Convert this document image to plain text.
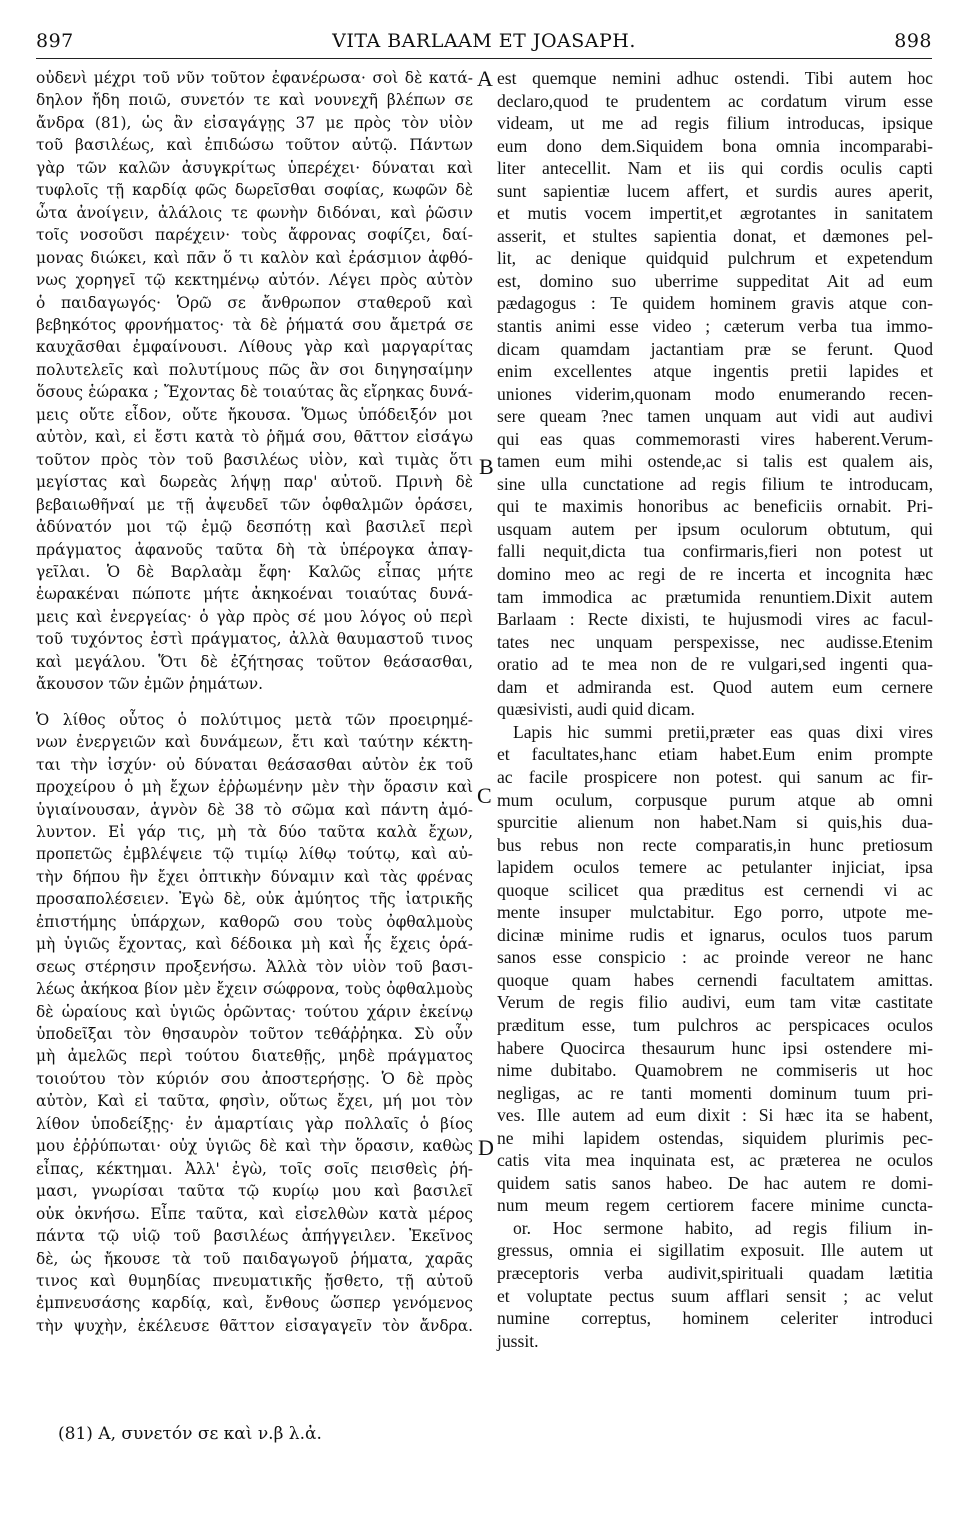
897	VITA BARLAAM ET JOASAPH.	898
οὐδενὶ μέχρι τοῦ νῦν τοῦτον ἐφανέρωσα· σοὶ δὲ κατά-
δηλον ἤδη ποιῶ, συνετόν τε καὶ νουνεχῆ βλέπων σε
ἄνδρα (81), ὡς ἂν εἰσαγάγῃς 37 με πρὸς τὸν υἱὸν
τοῦ βασιλέως, καὶ ἐπιδώσω τοῦτον αὐτῷ. Πάντων
γὰρ τῶν καλῶν ἀσυγκρίτως ὑπερέχει· δύναται καὶ
τυφλοῖς τῇ καρδίᾳ φῶς δωρεῖσθαι σοφίας, κωφῶν δὲ
ὦτα ἀνοίγειν, ἀλάλοις τε φωνὴν διδόναι, καὶ ῥῶσιν
τοῖς νοσοῦσι παρέχειν· τοὺς ἄφρονας σοφίζει, δαί-
μονας διώκει, καὶ πᾶν ὅ τι καλὸν καὶ ἐράσμιον ἀφθό-
νως χορηγεῖ τῷ κεκτημένῳ αὐτόν. Λέγει πρὸς αὐτὸν
ὁ παιδαγωγός· Ὁρῶ σε ἄνθρωπον σταθεροῦ καὶ
βεβηκότος φρονήματος· τὰ δὲ ῥήματά σου ἄμετρά σε
καυχᾶσθαι ἐμφαίνουσι. Λίθους γὰρ καὶ μαργαρίτας
πολυτελεῖς καὶ πολυτίμους πῶς ἂν σοι διηγησαίμην
ὅσους ἑώρακα ; Ἔχοντας δὲ τοιαύτας ἃς εἴρηκας δυνά-
μεις οὔτε εἶδον, οὔτε ἤκουσα. Ὅμως ὑπόδειξόν μοι
αὐτὸν, καὶ, εἰ ἔστι κατὰ τὸ ῥῆμά σου, θᾶττον εἰσάγω
τοῦτον πρὸς τὸν τοῦ βασιλέως υἱὸν, καὶ τιμὰς ὅτι
μεγίστας καὶ δωρεὰς λήψῃ παρ' αὐτοῦ. Πρινὴ δὲ
βεβαιωθῆναί με τῇ ἀψευδεῖ τῶν ὀφθαλμῶν ὁράσει,
ἀδύνατόν μοι τῷ ἐμῷ δεσπότῃ καὶ βασιλεῖ περὶ
πράγματος ἀφανοῦς ταῦτα δὴ τὰ ὑπέρογκα ἀπαγ-
γεῖλαι. Ὁ δὲ Βαρλαὰμ ἔφη· Καλῶς εἶπας μήτε
ἑωρακέναι πώποτε μήτε ἀκηκοέναι τοιαύτας δυνά-
μεις καὶ ἐνεργείας· ὁ γὰρ πρὸς σέ μου λόγος οὐ περὶ
τοῦ τυχόντος ἐστὶ πράγματος, ἀλλὰ θαυμαστοῦ τινος
καὶ μεγάλου. Ὅτι δὲ ἐζήτησας τοῦτον θεάσασθαι,
ἄκουσον τῶν ἐμῶν ῥημάτων.
Ὁ λίθος οὗτος ὁ πολύτιμος μετὰ τῶν προειρημέ-
νων ἐνεργειῶν καὶ δυνάμεων, ἔτι καὶ ταύτην κέκτη-
ται τὴν ἰσχύν· οὐ δύναται θεάσασθαι αὐτὸν ἐκ τοῦ
προχείρου ὁ μὴ ἔχων ἐῤῥωμένην μὲν τὴν ὅρασιν καὶ
ὑγιαίνουσαν, ἁγνὸν δὲ 38 τὸ σῶμα καὶ πάντη ἀμό-
λυντον. Εἰ γάρ τις, μὴ τὰ δύο ταῦτα καλὰ ἔχων,
προπετῶς ἐμβλέψειε τῷ τιμίῳ λίθῳ τούτῳ, καὶ αὐ-
τὴν δήπου ἣν ἔχει ὀπτικὴν δύναμιν καὶ τὰς φρένας
προσαπολέσειεν. Ἐγὼ δὲ, οὐκ ἀμύητος τῆς ἰατρικῆς
ἐπιστήμης ὑπάρχων, καθορῶ σου τοὺς ὀφθαλμοὺς
μὴ ὑγιῶς ἔχοντας, καὶ δέδοικα μὴ καὶ ἧς ἔχεις ὁρά-
σεως στέρησιν προξενήσω. Ἀλλὰ τὸν υἱὸν τοῦ βασι-
λέως ἀκήκοα βίον μὲν ἔχειν σώφρονα, τοὺς ὀφθαλμοὺς
δὲ ὡραίους καὶ ὑγιῶς ὁρῶντας· τούτου χάριν ἐκείνῳ
ὑποδεῖξαι τὸν θησαυρὸν τοῦτον τεθάῤῥηκα. Σὺ οὖν
μὴ ἀμελῶς περὶ τούτου διατεθῇς, μηδὲ πράγματος
τοιούτου τὸν κύριόν σου ἀποστερήσῃς. Ὁ δὲ πρὸς
αὐτὸν, Καὶ εἰ ταῦτα, φησὶν, οὕτως ἔχει, μή μοι τὸν
λίθον ὑποδείξῃς· ἐν ἁμαρτίαις γὰρ πολλαῖς ὁ βίος
μου ἐῤῥύπωται· οὐχ ὑγιῶς δὲ καὶ τὴν ὅρασιν, καθὼς
εἶπας, κέκτημαι. Ἀλλ' ἐγὼ, τοῖς σοῖς πεισθεὶς ῥή-
μασι, γνωρίσαι ταῦτα τῷ κυρίῳ μου καὶ βασιλεῖ
οὐκ ὀκνήσω. Εἶπε ταῦτα, καὶ εἰσελθὼν κατὰ μέρος
πάντα τῷ υἱῷ τοῦ βασιλέως ἀπήγγειλεν. Ἐκεῖνος
δὲ, ὡς ἤκουσε τὰ τοῦ παιδαγωγοῦ ῥήματα, χαρᾶς
τινος καὶ θυμηδίας πνευματικῆς ᾔσθετο, τῇ αὐτοῦ
ἐμπνευσάσης καρδίᾳ, καὶ, ἔνθους ὥσπερ γενόμενος
τὴν ψυχὴν, ἐκέλευσε θᾶττον εἰσαγαγεῖν τὸν ἄνδρα.
est quemque nemini adhuc ostendi. Tibi autem hoc
declaro,quod te prudentem ac cordatum virum esse
videam, ut me ad regis filium introducas, ipsique
eum dono dem.Siquidem bona omnia incomparabi-
liter antecellit. Nam et iis qui cordis oculis capti
sunt sapientiæ lucem affert, et surdis aures aperit,
et mutis vocem impertit,et ægrotantes in sanitatem
asserit, et stultes sapientia donat, et dæmones pel-
lit, ac denique quidquid pulchrum et expetendum
est, domino suo uberrime suppeditat Ait ad eum
pædagogus : Te quidem hominem gravis atque con-
stantis animi esse video ; cæterum verba tua immo-
dicam quamdam jactantiam præ se ferunt. Quod
enim excellentes atque ingentis pretii lapides et
uniones viderim,quonam modo enumerando recen-
sere queam ?nec tamen unquam aut vidi aut audivi
qui eas quas commemorasti vires haberent.Verum-
tamen eum mihi ostende,ac si talis est qualem ais,
sine ulla cunctatione ad regis filium te introducam,
qui te maximis honoribus ac beneficiis ornabit. Pri-
usquam autem per ipsum oculorum obtutum, qui
falli nequit,dicta tua confirmaris,fieri non potest ut
domino meo ac regi de re incerta et incognita hæc
tam immodica ac prætumida renuntiem.Dixit autem
Barlaam : Recte dixisti, te hujusmodi vires ac facul-
tates nec unquam perspexisse, nec audisse.Etenim
oratio ad te mea non de re vulgari,sed ingenti qua-
dam et admiranda est. Quod autem eum cernere
quæsivisti, audi quid dicam.
Lapis hic summi pretii,præter eas quas dixi vires
et facultates,hanc etiam habet.Eum enim prompte
ac facile prospicere non potest. qui sanum ac fir-
mum oculum, corpusque purum atque ab omni
spurcitie alienum non habet.Nam si quis,his dua-
bus rebus non recte comparatis,in hunc pretiosum
lapidem oculos temere ac petulanter injiciat, ipsa
quoque scilicet qua præditus est cernendi vi ac
mente insuper mulctabitur. Ego porro, utpote me-
dicinæ minime rudis et ignarus, oculos tuos parum
sanos esse conspicio : ac proinde vereor ne hanc
quoque quam habes cernendi facultatem amittas.
Verum de regis filio audivi, eum tam vitæ castitate
præditum esse, tum pulchros ac perspicaces oculos
habere Quocirca thesaurum hunc ipsi ostendere mi-
nime dubitabo. Quamobrem ne commiseris ut hoc
negligas, ac re tanti momenti dominum tuum pri-
ves. Ille autem ad eum dixit : Si hæc ita se habent,
ne mihi lapidem ostendas, siquidem plurimis pec-
catis vita mea inquinata est, ac præterea ne oculos
quidem satis sanos habeo. De hac autem re domi-
num meum regem certiorem facere minime cuncta-
or. Hoc sermone habito, ad regis filium in-
gressus, omnia ei sigillatim exposuit. Ille autem ut
præceptoris verba audivit,spirituali quadam lætitia
et voluptate pectus suum afflari sensit ; ac velut
numine correptus, hominem celeriter introduci
jussit.
A
B
C
D
(81) A, συνετόν σε καὶ ν.β λ.ἀ.
